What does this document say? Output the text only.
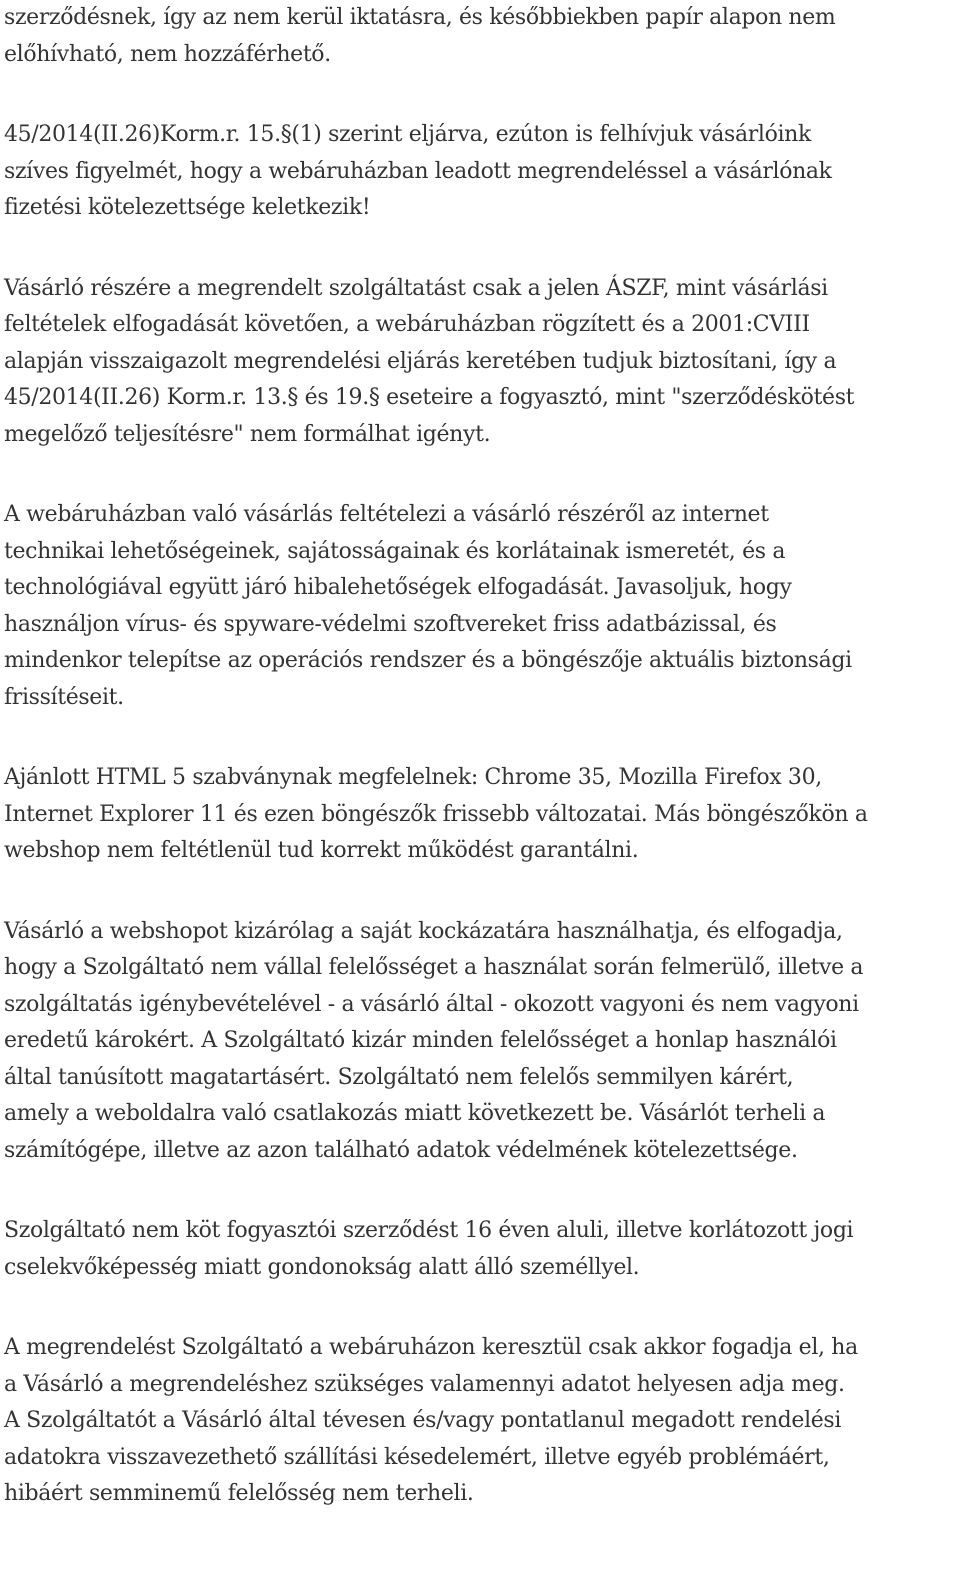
szerződésnek, így az nem kerül iktatásra, és későbbiekben papír alapon nem
előhívható, nem hozzáférhető.

45/2014(II.26)Korm.r. 15.§(1) szerint eljárva, ezúton is felhívjuk vásárlóink
szíves figyelmét, hogy a webáruházban leadott megrendeléssel a vásárlónak
fizetési kötelezettsége keletkezik!

Vásárló részére a megrendelt szolgáltatást csak a jelen ÁSZF, mint vásárlási
feltételek elfogadását követően, a webáruházban rögzített és a 2001:CVIII
alapján visszaigazolt megrendelési eljárás keretében tudjuk biztosítani, így a
45/2014(II.26) Korm.r. 13.§ és 19.§ eseteire a fogyasztó, mint "szerződéskötést
megelőző teljesítésre" nem formálhat igényt.

A webáruházban való vásárlás feltételezi a vásárló részéről az internet
technikai lehetőségeinek, sajátosságainak és korlátainak ismeretét, és a
technológiával együtt járó hibalehetőségek elfogadását. Javasoljuk, hogy
használjon vírus- és spyware-védelmi szoftvereket friss adatbázissal, és
mindenkor telepítse az operációs rendszer és a böngészője aktuális biztonsági
frissítéseit.

Ajánlott HTML 5 szabványnak megfelelnek: Chrome 35, Mozilla Firefox 30,
Internet Explorer 11 és ezen böngészők frissebb változatai. Más böngészőkön a
webshop nem feltétlenül tud korrekt működést garantálni.

Vásárló a webshopot kizárólag a saját kockázatára használhatja, és elfogadja,
hogy a Szolgáltató nem vállal felelősséget a használat során felmerülő, illetve a
szolgáltatás igénybevételével - a vásárló által - okozott vagyoni és nem vagyoni
eredetű károkért. A Szolgáltató kizár minden felelősséget a honlap használói
által tanúsított magatartásért. Szolgáltató nem felelős semmilyen kárért,
amely a weboldalra való csatlakozás miatt következett be. Vásárlót terheli a
számítógépe, illetve az azon található adatok védelmének kötelezettsége.

Szolgáltató nem köt fogyasztói szerződést 16 éven aluli, illetve korlátozott jogi
cselekvőképesség miatt gondonokság alatt álló személlyel.

A megrendelést Szolgáltató a webáruházon keresztül csak akkor fogadja el, ha
a Vásárló a megrendeléshez szükséges valamennyi adatot helyesen adja meg.
A Szolgáltatót a Vásárló által tévesen és/vagy pontatlanul megadott rendelési
adatokra visszavezethető szállítási késedelemért, illetve egyéb problémáért,
hibáért semminemű felelősség nem terheli.
